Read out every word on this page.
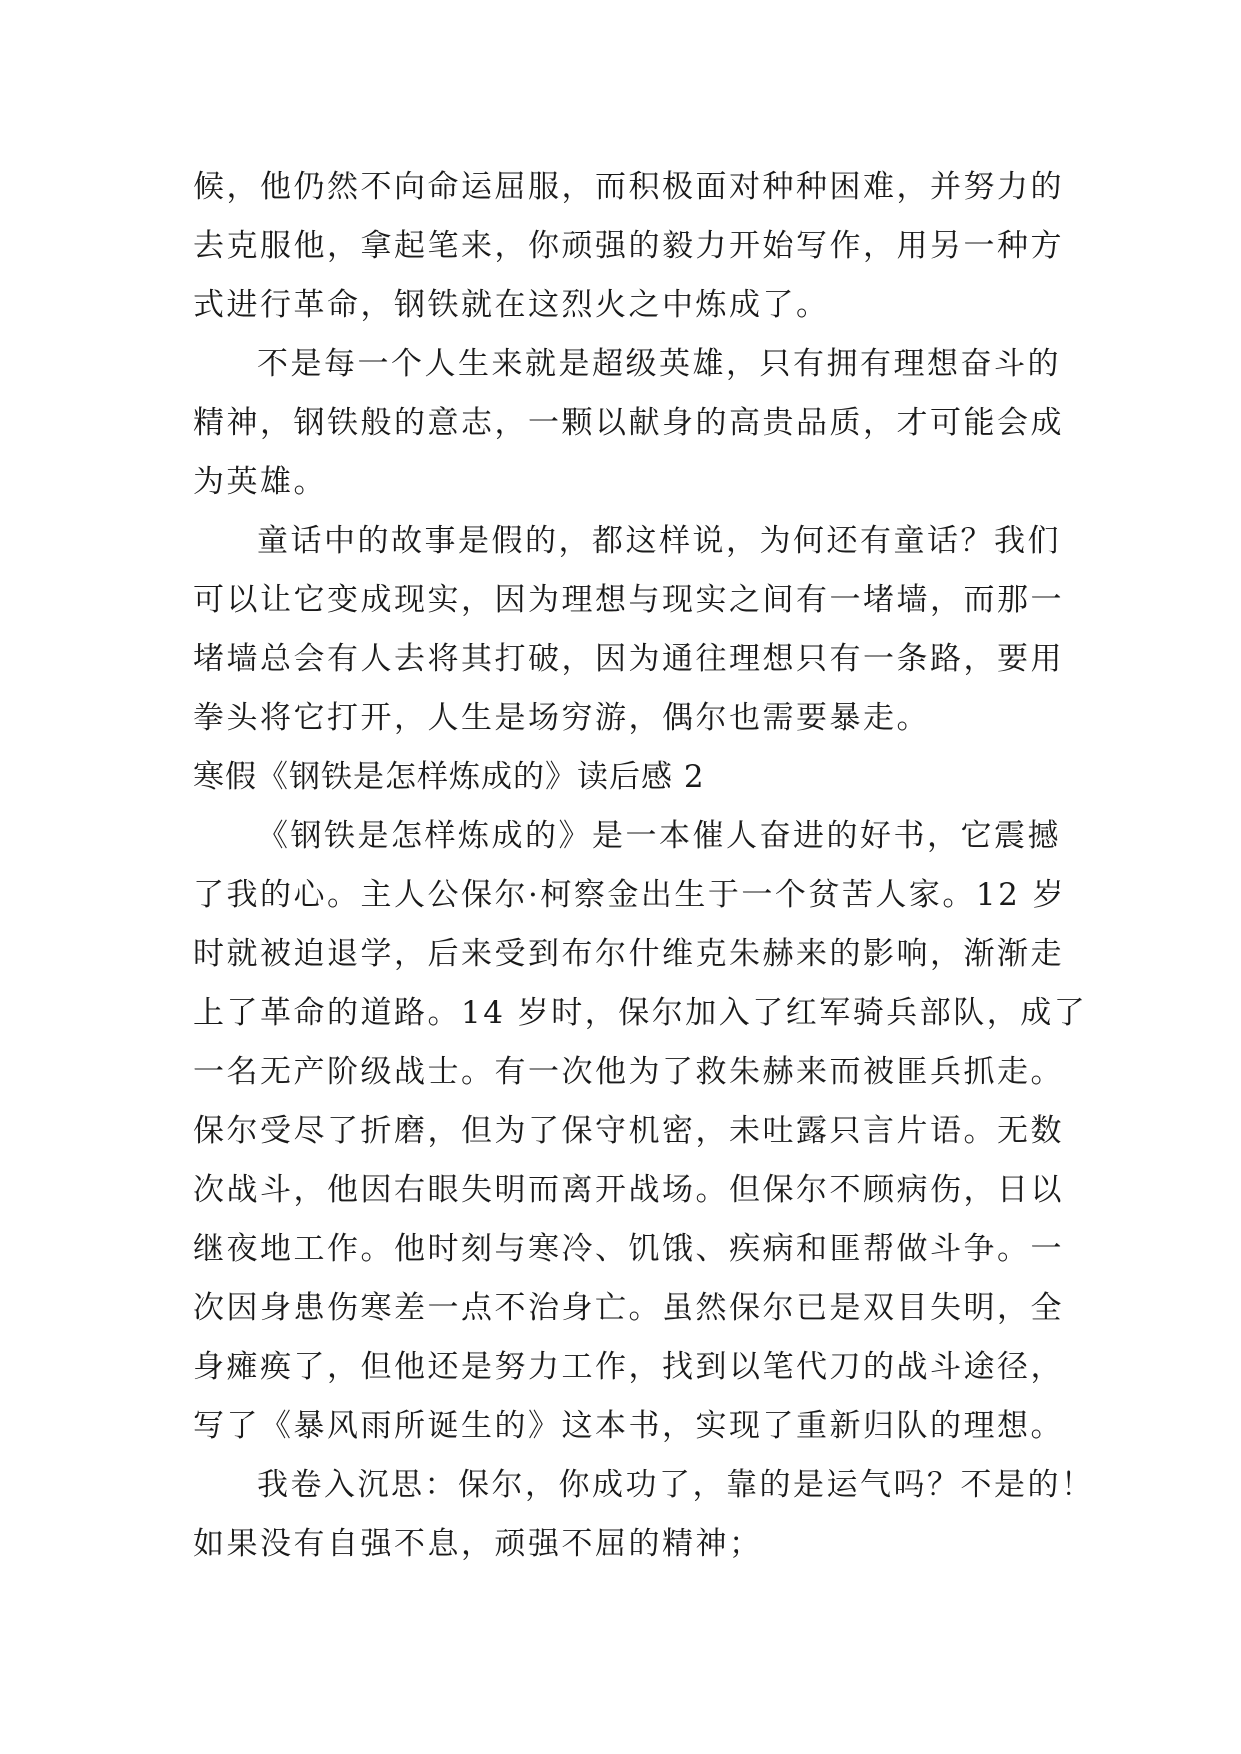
候，他仍然不向命运屈服，而积极面对种种困难，并努力的
去克服他，拿起笔来，你顽强的毅力开始写作，用另一种方
式进行革命，钢铁就在这烈火之中炼成了。
不是每一个人生来就是超级英雄，只有拥有理想奋斗的
精神，钢铁般的意志，一颗以献身的高贵品质，才可能会成
为英雄。
童话中的故事是假的，都这样说，为何还有童话？我们
可以让它变成现实，因为理想与现实之间有一堵墙，而那一
堵墙总会有人去将其打破，因为通往理想只有一条路，要用
拳头将它打开，人生是场穷游，偶尔也需要暴走。
寒假《钢铁是怎样炼成的》读后感 2
《钢铁是怎样炼成的》是一本催人奋进的好书，它震撼
了我的心。主人公保尔·柯察金出生于一个贫苦人家。12 岁
时就被迫退学，后来受到布尔什维克朱赫来的影响，渐渐走
上了革命的道路。14 岁时，保尔加入了红军骑兵部队，成了
一名无产阶级战士。有一次他为了救朱赫来而被匪兵抓走。
保尔受尽了折磨，但为了保守机密，未吐露只言片语。无数
次战斗，他因右眼失明而离开战场。但保尔不顾病伤，日以
继夜地工作。他时刻与寒冷、饥饿、疾病和匪帮做斗争。一
次因身患伤寒差一点不治身亡。虽然保尔已是双目失明，全
身瘫痪了，但他还是努力工作，找到以笔代刀的战斗途径，
写了《暴风雨所诞生的》这本书，实现了重新归队的理想。
我卷入沉思：保尔，你成功了，靠的是运气吗？不是的！
如果没有自强不息，顽强不屈的精神；
